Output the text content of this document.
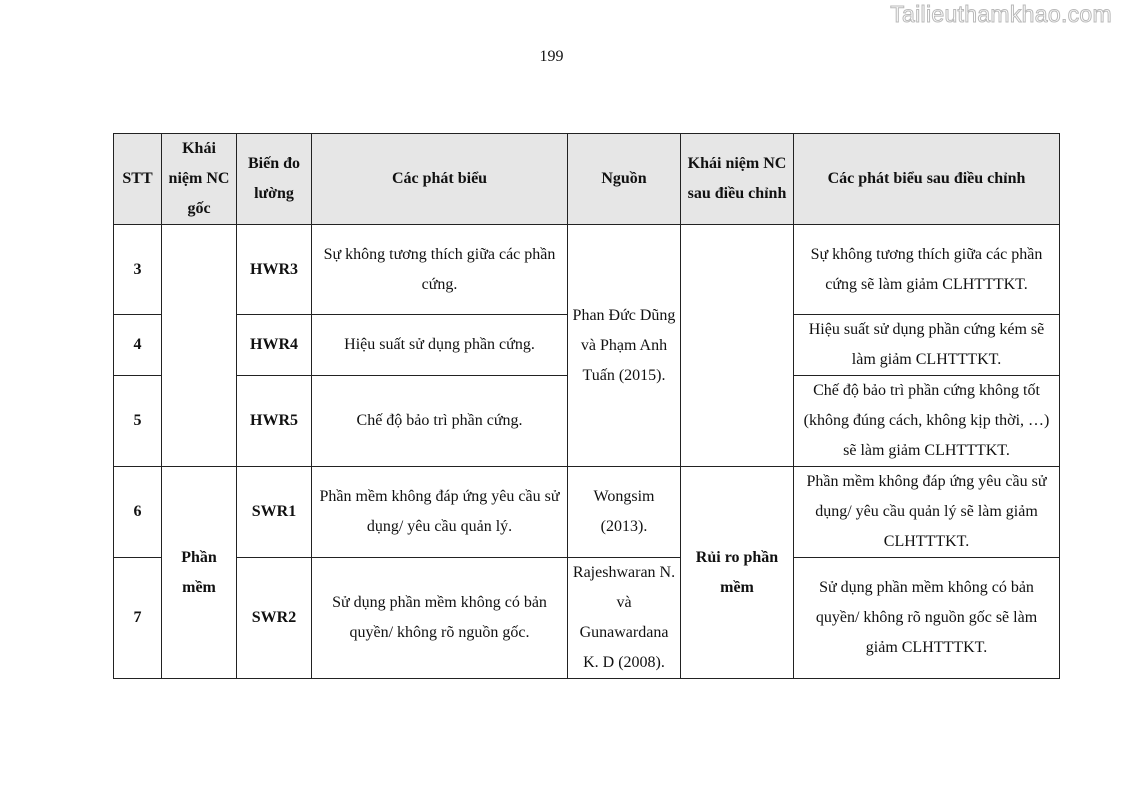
Tailieuthamkhao.com
199
STT	Khái niệm NC gốc	Biến đo lường	Các phát biểu	Nguồn	Khái niệm NC sau điều chỉnh	Các phát biểu sau điều chỉnh
3		HWR3	Sự không tương thích giữa các phần cứng.	Phan Đức Dũng và Phạm Anh Tuấn (2015).		Sự không tương thích giữa các phần cứng sẽ làm giảm CLHTTTKT.
4		HWR4	Hiệu suất sử dụng phần cứng.			Hiệu suất sử dụng phần cứng kém sẽ làm giảm CLHTTTKT.
5		HWR5	Chế độ bảo trì phần cứng.			Chế độ bảo trì phần cứng không tốt (không đúng cách, không kịp thời, …) sẽ làm giảm CLHTTTKT.
6	Phần mềm	SWR1	Phần mềm không đáp ứng yêu cầu sử dụng/ yêu cầu quản lý.	Wongsim (2013).	Rủi ro phần mềm	Phần mềm không đáp ứng yêu cầu sử dụng/ yêu cầu quản lý sẽ làm giảm CLHTTTKT.
7		SWR2	Sử dụng phần mềm không có bản quyền/ không rõ nguồn gốc.	Rajeshwaran N. và Gunawardana K. D (2008).		Sử dụng phần mềm không có bản quyền/ không rõ nguồn gốc sẽ làm giảm CLHTTTKT.
